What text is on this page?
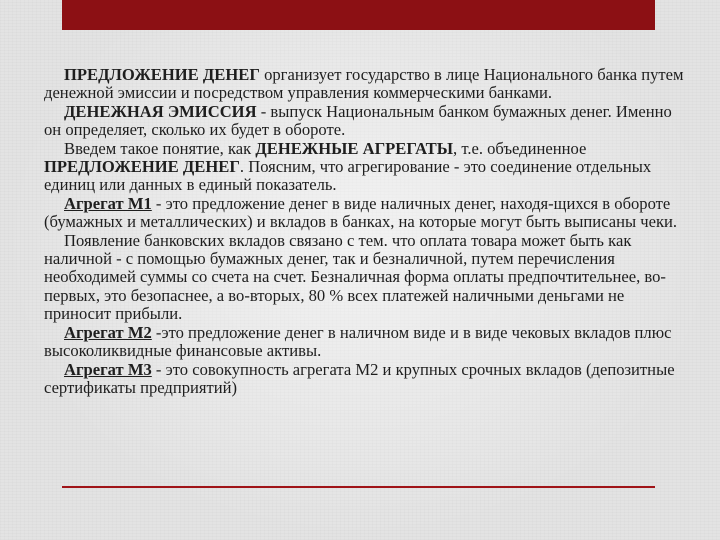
ПРЕДЛОЖЕНИЕ ДЕНЕГ организует государство в лице Национального банка путем денежной эмиссии и посредством управления коммерческими банками.

ДЕНЕЖНАЯ ЭМИССИЯ - выпуск Национальным банком бумажных денег. Именно он определяет, сколько их будет в обороте.

Введем такое понятие, как ДЕНЕЖНЫЕ АГРЕГАТЫ, т.е. объединенное ПРЕДЛОЖЕНИЕ ДЕНЕГ. Поясним, что агрегирование - это соединение отдельных единиц или данных в единый показатель.

Агрегат М1 - это предложение денег в виде наличных денег, находя-щихся в обороте (бумажных и металлических) и вкладов в банках, на которые могут быть выписаны чеки.

Появление банковских вкладов связано с тем. что оплата товара может быть как наличной - с помощью бумажных денег, так и безналичной, путем перечисления необходимей суммы со счета на счет. Безналичная форма оплаты предпочтительнее, во-первых, это безопаснее, а во-вторых, 80 % всех платежей наличными деньгами не приносит прибыли.

Агрегат М2 -это предложение денег в наличном виде и в виде чековых вкладов плюс высоколиквидные финансовые активы.

Агрегат М3 - это совокупность агрегата М2 и крупных срочных вкладов (депозитные сертификаты предприятий)
